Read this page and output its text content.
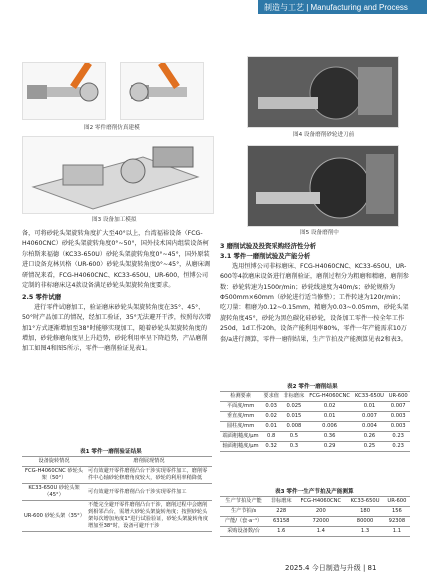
制造与工艺 | Manufacturing and Process
图2 零件磨削仿真建模
图3 设备加工模拟
图4 设备磨削砂轮进刀前
图5 设备磨削中

备，可将砂轮头架旋转角度扩大至40°以上，台湾福裕设备（FCG-H4060CNC）砂轮头架旋转角度0°~50°，国外技术国内组装设备柯尔柏斯来福德（KC33-650U）砂轮头架旋转角度0°~45°，国外原装进口设备克林贝格（UR-600）砂轮头架旋转角度0°~45°，从磨床调研情况来看，FCG-H4060CNC、KC33-650U、UR-600，恒博公司定制的非标磨床这4款设备满足砂轮头架旋转角度要求。

2.5 零件试磨

进行零件试磨加工，验证磨床砂轮头架旋转角度在35°、45°、50°时产品加工的情况，经加工验证，35°无法避开干涉，按照每次增加1°方式逐渐增加至38°时能够实现加工，随着砂轮头架旋转角度的增加，砂轮修磨角度呈上升趋势，砂轮利用率呈下降趋势，产品磨削加工如图4和图5所示，零件一磨削验证见表1。

表1 零件一磨削验证结果
设备旋转情况	磨削展现情况
FCG-H4060CNC 砂轮头架（50°）	可有效避开零件磨削凸台干涉实现零件加工，磨削零件中心轴砂轮修磨角度较大，砂轮的利用率稍降低
KC33-650U 砂轮头架（45°）	可有效避开零件磨削凸台干涉实现零件加工
UR-600 砂轮头架（35°）	不能完全避开零件磨削凸台干涉，磨削过程中会磨削到相邻凸台，需增大砂轮头架旋转角度；按照砂轮头架每次增加角度1°进行试验验证，砂轮头架旋转角度增加至38°时，设备可避开干涉
3 磨削试验及投资采购经济性分析
3.1 零件一磨削试验及产能分析

选用恒博公司非标磨床、FCG-H4060CNC、KC33-650U、UR-600等4款磨床设备进行磨削验证，磨削过程分为粗磨和精磨，磨削参数：砂轮转速为1500r/min；砂轮线速度为40m/s；砂轮规格为Φ500mm×60mm（砂轮进行适当修整）；工件转速为120r/min；吃刀量：粗磨为0.12~0.15mm，精磨为0.03~0.05mm，砂轮头架旋转角度45°，砂轮为黑色碳化硅砂轮，设备加工零件一按全年工作250d，1d工作20h，设备产能利用率80%，零件一年产能需求10万套/a进行测算，零件一磨削结果，生产节拍及产能测算见表2和表3。

表2 零件一磨削结果
检测要素	要求值	非标磨床	FCG-H4060CNC	KC33-650U	UR-600
平面度/mm	0.03	0.025	0.02	0.01	0.007
垂直度/mm	0.02	0.015	0.01	0.007	0.003
圆柱度/mm	0.01	0.008	0.006	0.004	0.003
端面粗糙度/μm	0.8	0.5	0.36	0.26	0.23
轴面粗糙度/μm	0.32	0.3	0.29	0.25	0.23
表3 零件一生产节拍及产能测算
生产节拍及产能	非标磨床	FCG-H4060CNC	KC33-650U	UR-600
生产节拍/s	228	200	180	156
产能/（套·a⁻¹）	63158	72000	80000	92308
采购设备数/台	1.6	1.4	1.3	1.1
2025.4 今日制造与升级 | 81
